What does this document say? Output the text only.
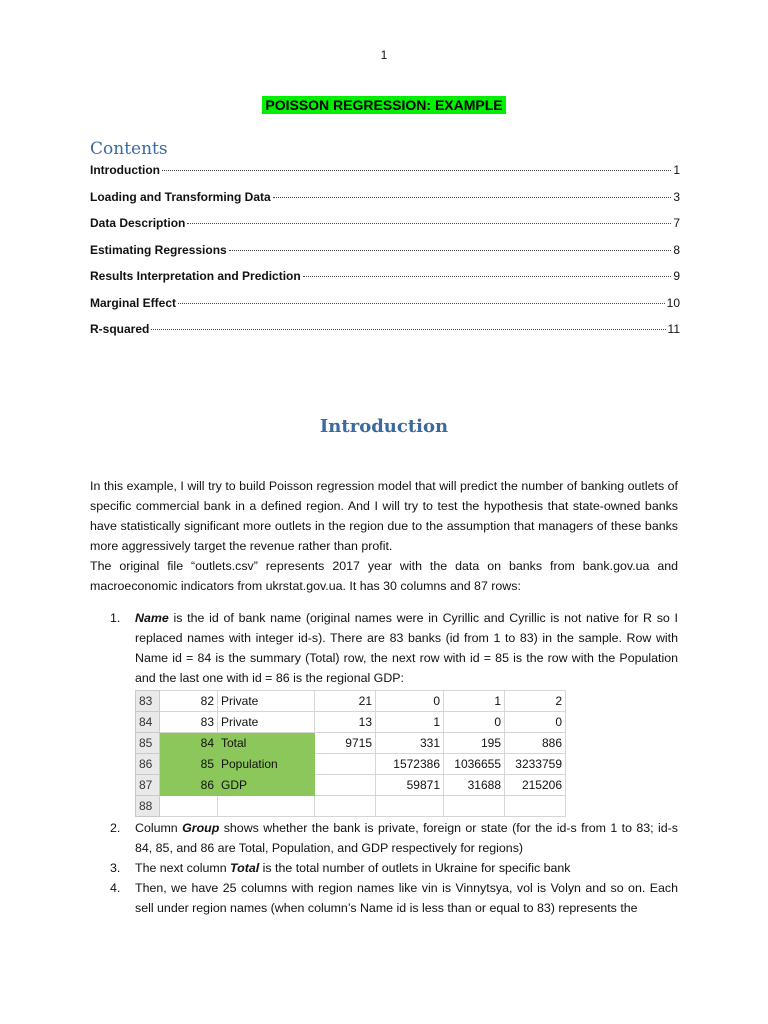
1
POISSON REGRESSION: EXAMPLE
Contents
Introduction	1
Loading and Transforming Data	3
Data Description	7
Estimating Regressions	8
Results Interpretation and Prediction	9
Marginal Effect	10
R-squared	11
Introduction

In this example, I will try to build Poisson regression model that will predict the number of banking outlets of specific commercial bank in a defined region. And I will try to test the hypothesis that state-owned banks have statistically significant more outlets in the region due to the assumption that managers of these banks more aggressively target the revenue rather than profit.

The original file “outlets.csv” represents 2017 year with the data on banks from bank.gov.ua and macroeconomic indicators from ukrstat.gov.ua. It has 30 columns and 87 rows:

1.	Name is the id of bank name (original names were in Cyrillic and Cyrillic is not native for R so I replaced names with integer id-s). There are 83 banks (id from 1 to 83) in the sample. Row with Name id = 84 is the summary (Total) row, the next row with id = 85 is the row with the Population and the last one with id = 86 is the regional GDP:
83	82	Private	21	0	1	2
84	83	Private	13	1	0	0
85	84	Total	9715	331	195	886
86	85	Population		1572386	1036655	3233759
87	86	GDP		59871	31688	215206
88						
2.	Column Group shows whether the bank is private, foreign or state (for the id-s from 1 to 83; id-s 84, 85, and 86 are Total, Population, and GDP respectively for regions)
3.	The next column Total is the total number of outlets in Ukraine for specific bank
4.	Then, we have 25 columns with region names like vin is Vinnytsya, vol is Volyn and so on. Each sell under region names (when column’s Name id is less than or equal to 83) represents the
